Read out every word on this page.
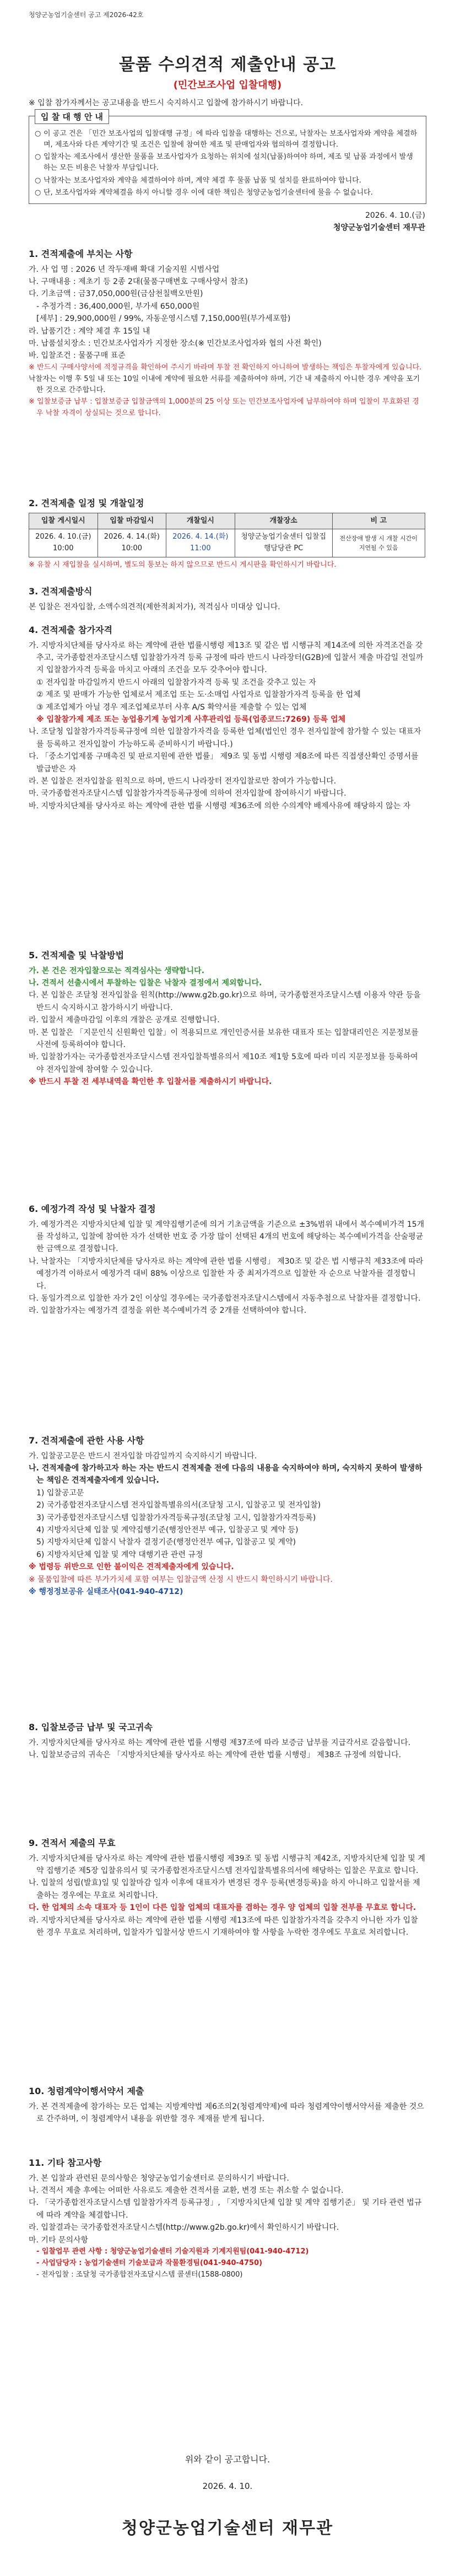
청양군농업기술센터 공고 제2026-42호
물품 수의견적 제출안내 공고
(민간보조사업 입찰대행)
※ 입찰 참가자께서는 공고내용을 반드시 숙지하시고 입찰에 참가하시기 바랍니다.
입 찰 대 행 안 내
○ 이 공고 건은 「민간 보조사업의 입찰대행 규정」에 따라 입찰을 대행하는 건으로, 낙찰자는 보조사업자와 계약을 체결하며, 제조사와 다른 계약기간 및 조건은 입찰에 참여한 제조 및 판매업자와 협의하여 결정합니다.
○ 입찰자는 제조사에서 생산한 물품을 보조사업자가 요청하는 위치에 설치(납품)하여야 하며, 제조 및 납품 과정에서 발생하는 모든 비용은 낙찰자 부담입니다.
○ 낙찰자는 보조사업자와 계약을 체결하여야 하며, 계약 체결 후 물품 납품 및 설치를 완료하여야 합니다.
○ 단, 보조사업자와 계약체결을 하지 아니할 경우 이에 대한 책임은 청양군농업기술센터에 물을 수 없습니다.
2026. 4. 10.(금)
청양군농업기술센터 재무관
1. 견적제출에 부치는 사항

가. 사 업 명 : 2026 년 작두재배 확대 기술지원 시범사업

나. 구매내용 : 제초기 등 2종 2대(물품구매변호 구매사양서 참조)

다. 기초금액 : 금37,050,000원(금삼천칠백오만원)

- 추정가격 : 36,400,000원, 부가세 650,000원

[세부] : 29,900,000원 / 99%, 자동운영시스템 7,150,000원(부가세포함)

라. 납품기간 : 계약 체결 후 15일 내

마. 납품설치장소 : 민간보조사업자가 지정한 장소(※ 민간보조사업자와 협의 사전 확인)

바. 입찰조건 : 물품구매 표준

※ 반드시 구매사양서에 적정규격을 확인하여 주시기 바라며 투찰 전 확인하지 아니하여 발생하는 책임은 투찰자에게 있습니다.

낙찰자는 이행 후 5일 내 또는 10일 이내에 계약에 필요한 서류를 제출하여야 하며, 기간 내 제출하지 아니한 경우 계약을 포기한 것으로 간주합니다.

※ 입찰보증금 납부 : 입찰보증금 입찰금액의 1,000분의 25 이상 또는 민간보조사업자에 납부하여야 하며 입찰이 무효화된 경우 낙찰 자격이 상실되는 것으로 합니다.

2. 견적제출 일정 및 개찰일정
입찰 게시일시	입찰 마감일시	개찰일시	개찰장소	비 고
2026. 4. 10.(금) 10:00	2026. 4. 14.(화) 10:00	2026. 4. 14.(화) 11:00	청양군농업기술센터 입찰집행담당관 PC	전산장애 발생 시 개찰 시간이 지연될 수 있음

※ 유찰 시 재입찰을 실시하며, 별도의 통보는 하지 않으므로 반드시 게시판을 확인하시기 바랍니다.

3. 견적제출방식

본 입찰은 전자입찰, 소액수의견적(제한적최저가), 적격심사 미대상 입니다.

4. 견적제출 참가자격

가. 지방자치단체를 당사자로 하는 계약에 관한 법률시행령 제13조 및 같은 법 시행규칙 제14조에 의한 자격조건을 갖추고, 국가종합전자조달시스템 입찰참가자격 등록 규정에 따라 반드시 나라장터(G2B)에 입찰서 제출 마감일 전일까지 입찰참가자격 등록을 마치고 아래의 조건을 모두 갖추어야 합니다.

① 전자입찰 마감일까지 반드시 아래의 입찰참가자격 등록 및 조건을 갖추고 있는 자

② 제조 및 판매가 가능한 업체로서 제조업 또는 도·소매업 사업자로 입찰참가자격 등록을 한 업체

③ 제조업체가 아닐 경우 제조업체로부터 사후 A/S 확약서를 제출할 수 있는 업체

※ 입찰참가제 제조 또는 농업용기계 농업기계 사후관리업 등록(업종코드:7269) 등록 업체

나. 조달청 입찰참가자격등록규정에 의한 입찰참가자격을 등록한 업체(법인인 경우 전자입찰에 참가할 수 있는 대표자를 등록하고 전자입찰이 가능하도록 준비하시기 바랍니다.)

다. 「중소기업제품 구매촉진 및 판로지원에 관한 법률」 제9조 및 동법 시행령 제8조에 따른 직접생산확인 증명서를 발급받은 자

라. 본 입찰은 전자입찰을 원칙으로 하며, 반드시 나라장터 전자입찰로만 참여가 가능합니다.

마. 국가종합전자조달시스템 입찰참가자격등록규정에 의하여 전자입찰에 참여하시기 바랍니다.

바. 지방자치단체를 당사자로 하는 계약에 관한 법률 시행령 제36조에 의한 수의계약 배제사유에 해당하지 않는 자

5. 견적제출 및 낙찰방법

가. 본 건은 전자입찰으로는 적격심사는 생략합니다.

나. 견적서 선출시에서 투찰하는 입찰은 낙찰자 결정에서 제외합니다.

다. 본 입찰은 조달청 전자입찰을 원칙(http://www.g2b.go.kr)으로 하며, 국가종합전자조달시스템 이용자 약관 등을 반드시 숙지하시고 참가하시기 바랍니다.

라. 입찰서 제출마감일 이후의 개찰은 공개로 진행합니다.

마. 본 입찰은 「지문인식 신원확인 입찰」이 적용되므로 개인인증서를 보유한 대표자 또는 입찰대리인은 지문정보를 사전에 등록하여야 합니다.

바. 입찰참가자는 국가종합전자조달시스템 전자입찰특별유의서 제10조 제1항 5호에 따라 미리 지문정보를 등록하여야 전자입찰에 참여할 수 있습니다.

※ 반드시 투찰 전 세부내역을 확인한 후 입찰서를 제출하시기 바랍니다.

6. 예정가격 작성 및 낙찰자 결정

가. 예정가격은 지방자치단체 입찰 및 계약집행기준에 의거 기초금액을 기준으로 ±3%범위 내에서 복수예비가격 15개를 작성하고, 입찰에 참여한 자가 선택한 번호 중 가장 많이 선택된 4개의 번호에 해당하는 복수예비가격을 산술평균한 금액으로 결정합니다.

나. 낙찰자는 「지방자치단체를 당사자로 하는 계약에 관한 법률 시행령」 제30조 및 같은 법 시행규칙 제33조에 따라 예정가격 이하로서 예정가격 대비 88% 이상으로 입찰한 자 중 최저가격으로 입찰한 자 순으로 낙찰자를 결정합니다.

다. 동일가격으로 입찰한 자가 2인 이상일 경우에는 국가종합전자조달시스템에서 자동추첨으로 낙찰자를 결정합니다.

라. 입찰참가자는 예정가격 결정을 위한 복수예비가격 중 2개를 선택하여야 합니다.

7. 견적제출에 관한 사용 사항

가. 입찰공고문은 반드시 전자입찰 마감일까지 숙지하시기 바랍니다.

나. 견적제출에 참가하고자 하는 자는 반드시 견적제출 전에 다음의 내용을 숙지하여야 하며, 숙지하지 못하여 발생하는 책임은 견적제출자에게 있습니다.

1) 입찰공고문

2) 국가종합전자조달시스템 전자입찰특별유의서(조달청 고시, 입찰공고 및 전자입찰)

3) 국가종합전자조달시스템 입찰참가자격등록규정(조달청 고시, 입찰참가자격등록)

4) 지방자치단체 입찰 및 계약집행기준(행정안전부 예규, 입찰공고 및 계약 등)

5) 지방자치단체 입찰시 낙찰자 결정기준(행정안전부 예규, 입찰공고 및 계약)

6) 지방자치단체 입찰 및 계약 대행기관 관련 규정

※ 법령등 위반으로 인한 불이익은 견적제출자에게 있습니다.

※ 물품입찰에 따른 부가가치세 포함 여부는 입찰금액 산정 시 반드시 확인하시기 바랍니다.

※ 행정정보공유 실태조사(041-940-4712)

8. 입찰보증금 납부 및 국고귀속

가. 지방자치단체를 당사자로 하는 계약에 관한 법률 시행령 제37조에 따라 보증금 납부를 지급각서로 갈음합니다.

나. 입찰보증금의 귀속은 「지방자치단체를 당사자로 하는 계약에 관한 법률 시행령」 제38조 규정에 의합니다.

9. 견적서 제출의 무효

가. 지방자치단체를 당사자로 하는 계약에 관한 법률시행령 제39조 및 동법 시행규칙 제42조, 지방자치단체 입찰 및 계약 집행기준 제5장 입찰유의서 및 국가종합전자조달시스템 전자입찰특별유의서에 해당하는 입찰은 무효로 합니다.

나. 입찰의 성립(발효)일 및 입찰마감 일자 이후에 대표자가 변경된 경우 등록(변경등록)을 하지 아니하고 입찰서를 제출하는 경우에는 무효로 처리합니다.

다. 한 업체의 소속 대표자 등 1인이 다른 입찰 업체의 대표자를 겸하는 경우 양 업체의 입찰 전부를 무효로 합니다.

라. 지방자치단체를 당사자로 하는 계약에 관한 법률 시행령 제13조에 따른 입찰참가자격을 갖추지 아니한 자가 입찰한 경우 무효로 처리하며, 입찰자가 입찰서상 반드시 기재하여야 할 사항을 누락한 경우에도 무효로 처리합니다.

10. 청렴계약이행서약서 제출

가. 본 견적제출에 참가하는 모든 업체는 지방계약법 제6조의2(청렴계약제)에 따라 청렴계약이행서약서를 제출한 것으로 간주하며, 이 청렴계약서 내용을 위반할 경우 제재를 받게 됩니다.

11. 기타 참고사항

가. 본 입찰과 관련된 문의사항은 청양군농업기술센터로 문의하시기 바랍니다.

나. 견적서 제출 후에는 어떠한 사유로도 제출한 견적서를 교환, 변경 또는 취소할 수 없습니다.

다. 「국가종합전자조달시스템 입찰참가자격 등록규정」, 「지방자치단체 입찰 및 계약 집행기준」 및 기타 관련 법규에 따라 계약을 체결합니다.

라. 입찰결과는 국가종합전자조달시스템(http://www.g2b.go.kr)에서 확인하시기 바랍니다.

마. 기타 문의사항

- 입찰업무 관련 사항 : 청양군농업기술센터 기술지원과 기계지원팀(041-940-4712)

- 사업담당자 : 농업기술센터 기술보급과 작물환경팀(041-940-4750)

- 전자입찰 : 조달청 국가종합전자조달시스템 콜센터(1588-0800)

위와 같이 공고합니다.
2026. 4. 10.
청양군농업기술센터 재무관
